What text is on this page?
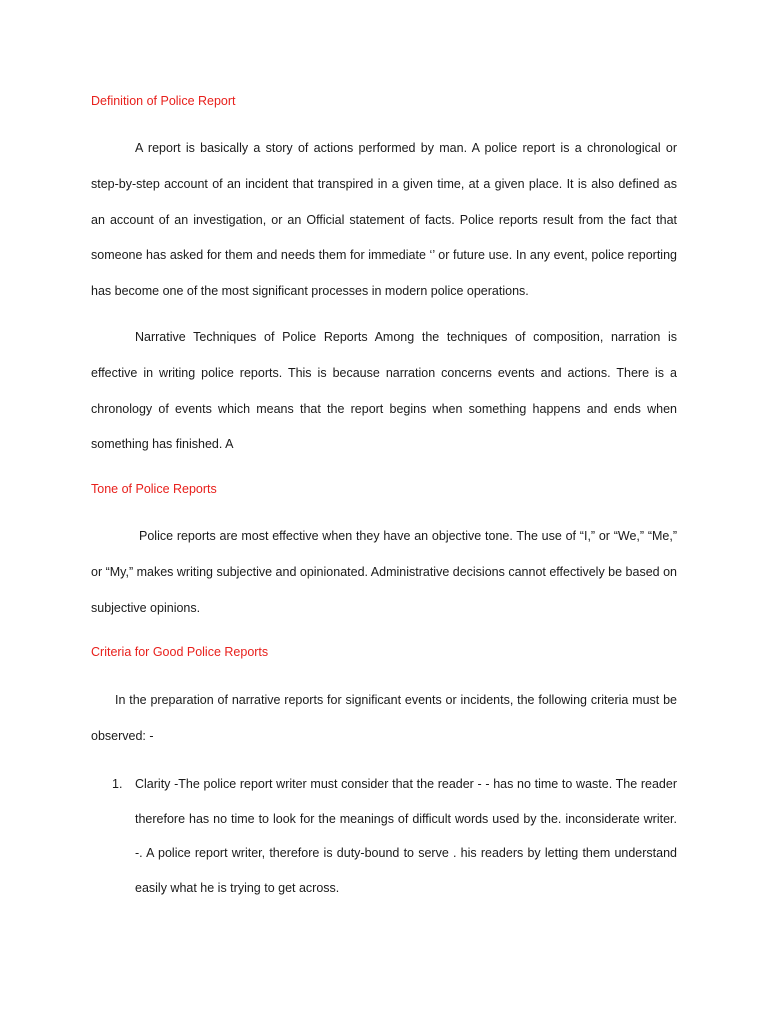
Definition of Police Report

A report is basically a story of actions performed by man. A police report is a chronological or step-by-step account of an incident that transpired in a given time, at a given place. It is also defined as an account of an investigation, or an Official statement of facts. Police reports result from the fact that someone has asked for them and needs them for immediate ‘’ or future use. In any event, police reporting has become one of the most significant processes in modern police operations.

Narrative Techniques of Police Reports Among the techniques of composition, narration is effective in writing police reports. This is because narration concerns events and actions. There is a chronology of events which means that the report begins when something happens and ends when something has finished. A

Tone of Police Reports

Police reports are most effective when they have an objective tone. The use of “I,” or “We,” “Me,” or “My,” makes writing subjective and opinionated. Administrative decisions cannot effectively be based on subjective opinions.

Criteria for Good Police Reports

In the preparation of narrative reports for significant events or incidents, the following criteria must be observed: -

1. Clarity -The police report writer must consider that the reader - - has no time to waste. The reader therefore has no time to look for the meanings of difficult words used by the. inconsiderate writer. -. A police report writer, therefore is duty-bound to serve . his readers by letting them understand easily what he is trying to get across.
